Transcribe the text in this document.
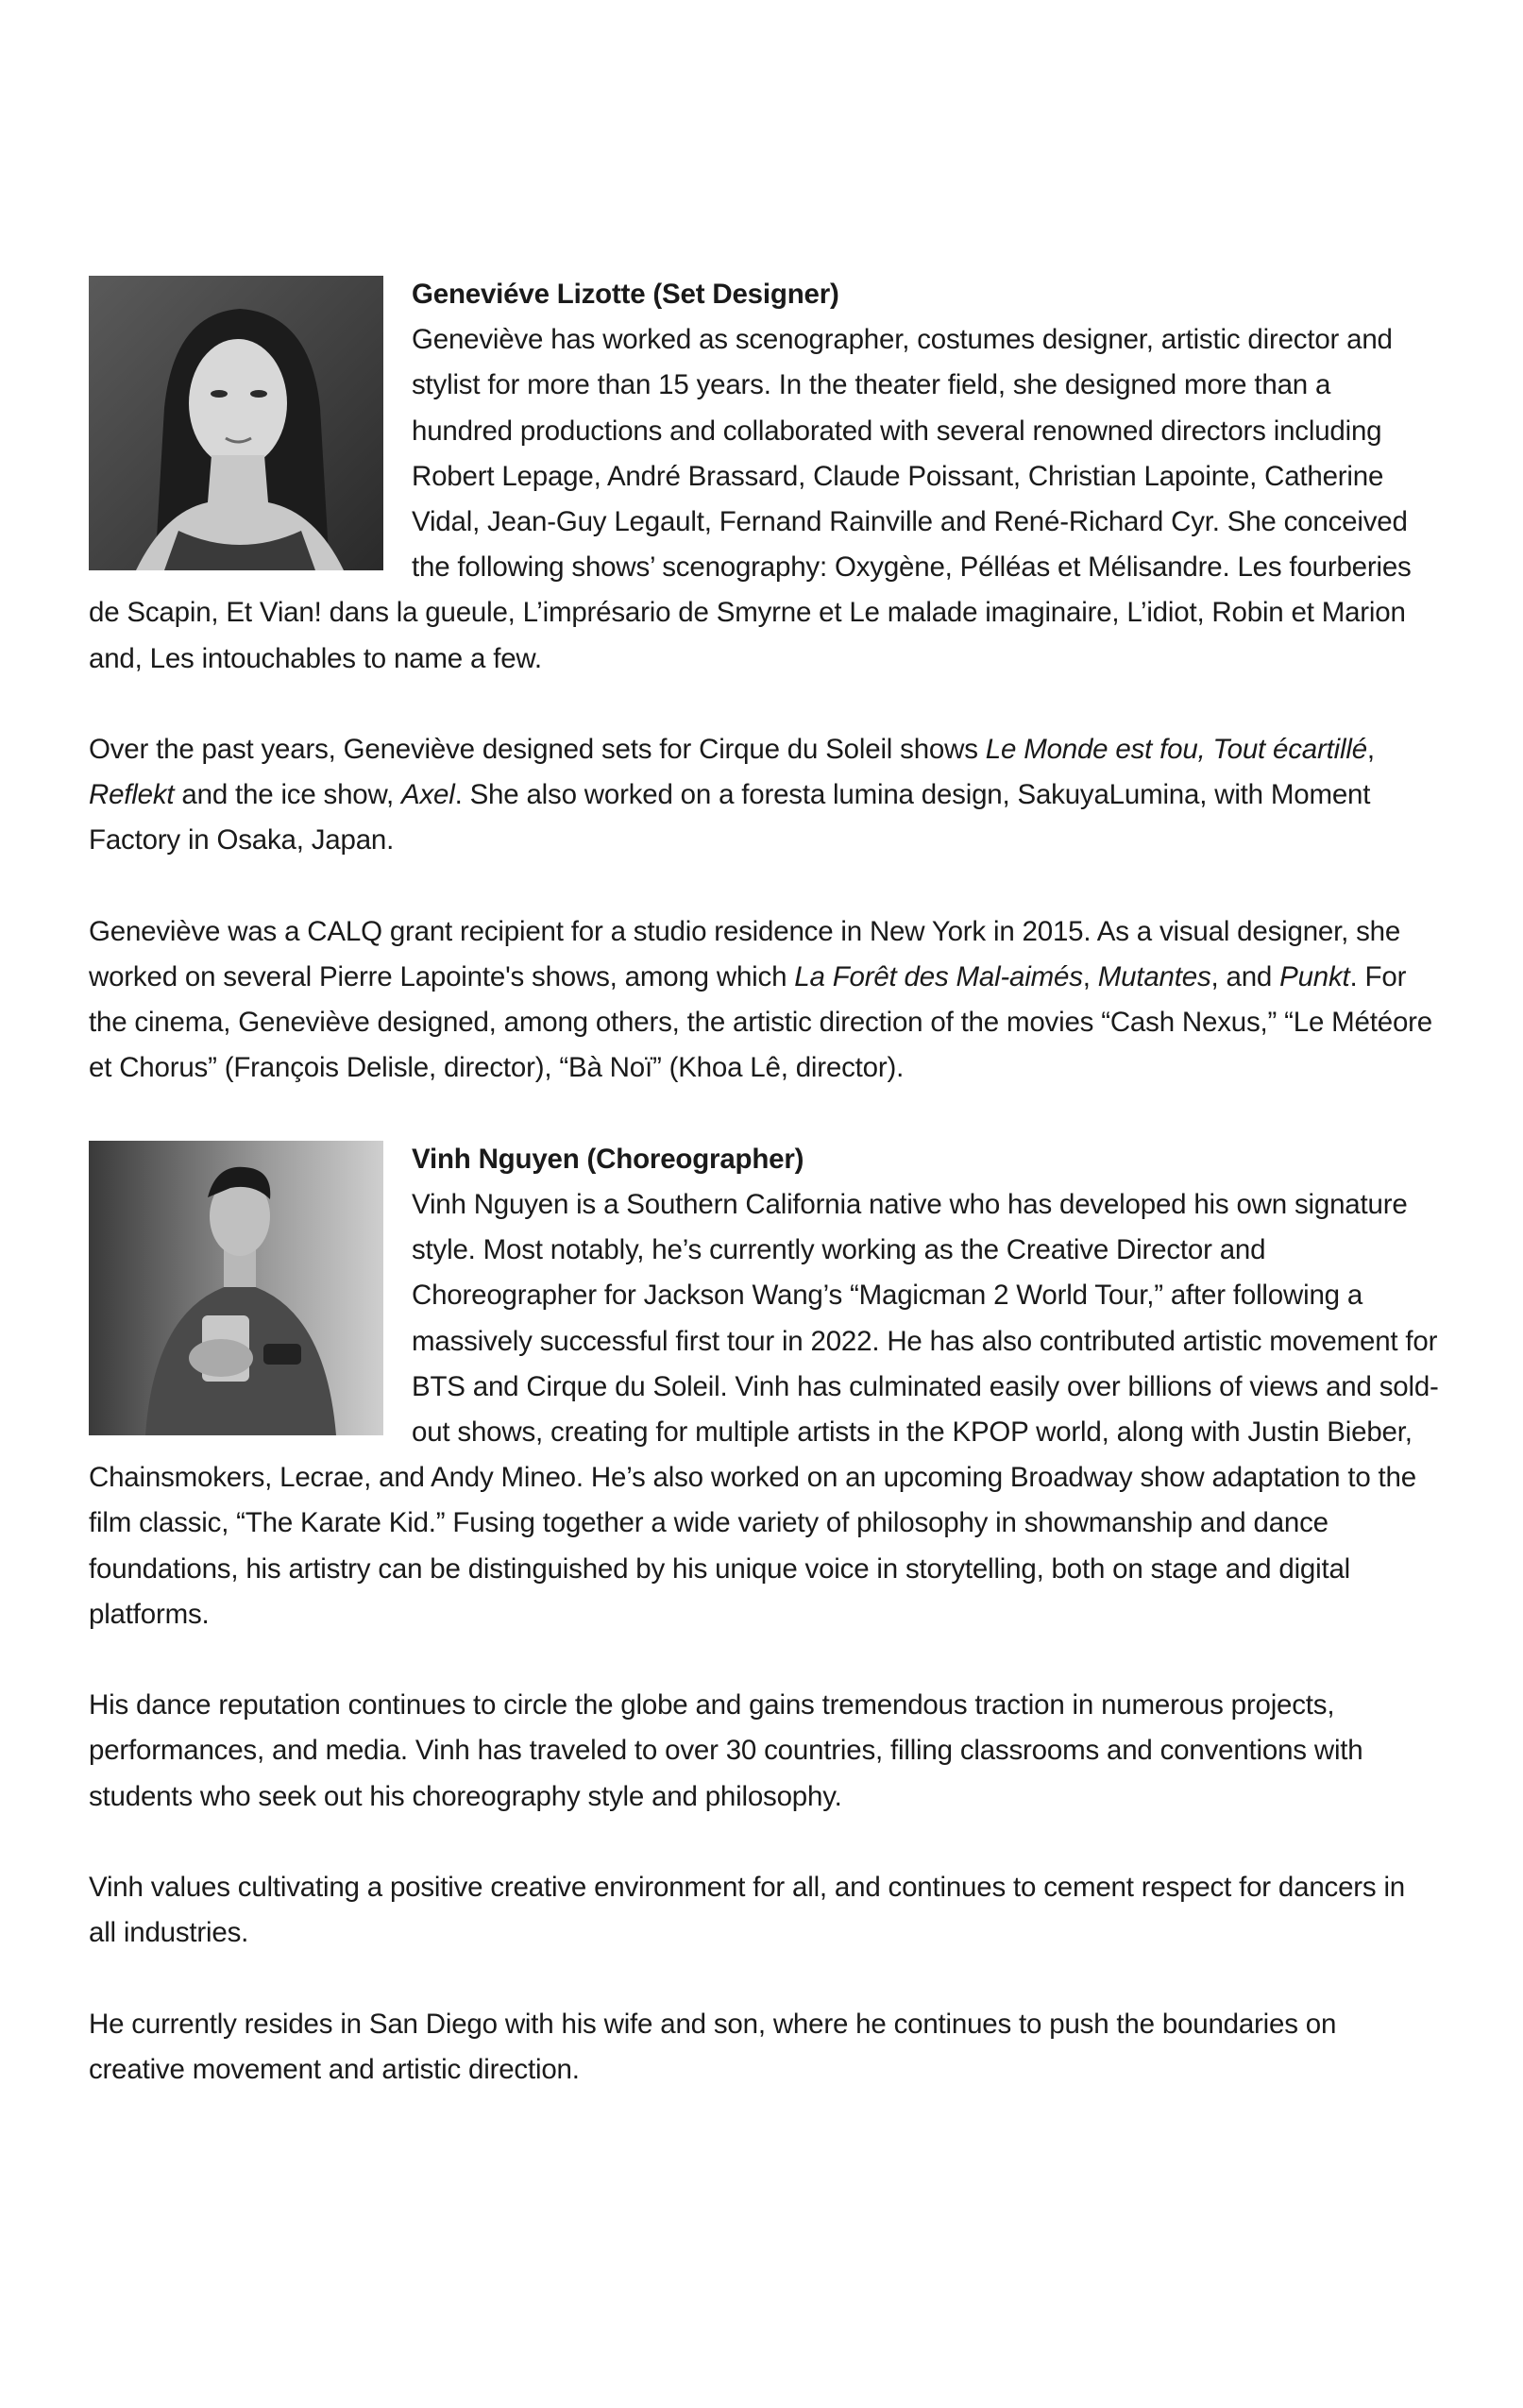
Geneviéve Lizotte (Set Designer)

Geneviève has worked as scenographer, costumes designer, artistic director and stylist for more than 15 years. In the theater field, she designed more than a hundred productions and collaborated with several renowned directors including Robert Lepage, André Brassard, Claude Poissant, Christian Lapointe, Catherine Vidal, Jean-Guy Legault, Fernand Rainville and René-Richard Cyr. She conceived the following shows’ scenography: Oxygène, Pélléas et Mélisandre. Les fourberies de Scapin, Et Vian! dans la gueule, L’imprésario de Smyrne et Le malade imaginaire, L’idiot, Robin et Marion and, Les intouchables to name a few.

Over the past years, Geneviève designed sets for Cirque du Soleil shows Le Monde est fou, Tout écartillé, Reflekt and the ice show, Axel. She also worked on a foresta lumina design, SakuyaLumina, with Moment Factory in Osaka, Japan.

Geneviève was a CALQ grant recipient for a studio residence in New York in 2015. As a visual designer, she worked on several Pierre Lapointe's shows, among which La Forêt des Mal-aimés, Mutantes, and Punkt. For the cinema, Geneviève designed, among others, the artistic direction of the movies “Cash Nexus,” “Le Météore et Chorus” (François Delisle, director), “Bà Noï” (Khoa Lê, director).

Vinh Nguyen (Choreographer)

Vinh Nguyen is a Southern California native who has developed his own signature style. Most notably, he’s currently working as the Creative Director and Choreographer for Jackson Wang’s “Magicman 2 World Tour,” after following a massively successful first tour in 2022. He has also contributed artistic movement for BTS and Cirque du Soleil. Vinh has culminated easily over billions of views and sold-out shows, creating for multiple artists in the KPOP world, along with Justin Bieber, Chainsmokers, Lecrae, and Andy Mineo. He’s also worked on an upcoming Broadway show adaptation to the film classic, “The Karate Kid.” Fusing together a wide variety of philosophy in showmanship and dance foundations, his artistry can be distinguished by his unique voice in storytelling, both on stage and digital platforms.

His dance reputation continues to circle the globe and gains tremendous traction in numerous projects, performances, and media. Vinh has traveled to over 30 countries, filling classrooms and conventions with students who seek out his choreography style and philosophy.

Vinh values cultivating a positive creative environment for all, and continues to cement respect for dancers in all industries.

He currently resides in San Diego with his wife and son, where he continues to push the boundaries on creative movement and artistic direction.
